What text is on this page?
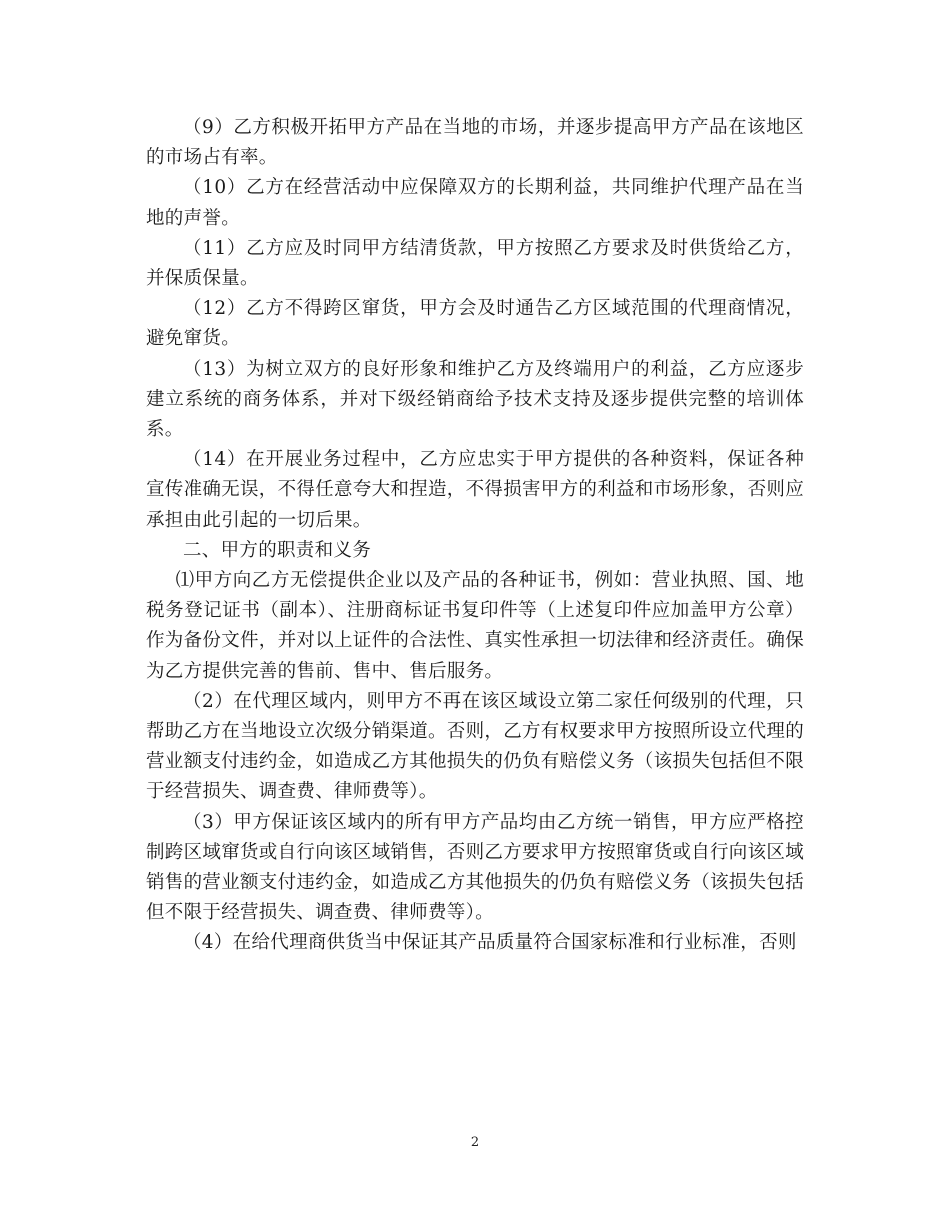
（9）乙方积极开拓甲方产品在当地的市场，并逐步提高甲方产品在该地区的市场占有率。

（10）乙方在经营活动中应保障双方的长期利益，共同维护代理产品在当地的声誉。

（11）乙方应及时同甲方结清货款，甲方按照乙方要求及时供货给乙方，并保质保量。

（12）乙方不得跨区窜货，甲方会及时通告乙方区域范围的代理商情况，避免窜货。

（13）为树立双方的良好形象和维护乙方及终端用户的利益，乙方应逐步建立系统的商务体系，并对下级经销商给予技术支持及逐步提供完整的培训体系。

（14）在开展业务过程中，乙方应忠实于甲方提供的各种资料，保证各种宣传准确无误，不得任意夸大和捏造，不得损害甲方的利益和市场形象，否则应承担由此引起的一切后果。

二、甲方的职责和义务

⑴甲方向乙方无偿提供企业以及产品的各种证书，例如：营业执照、国、地税务登记证书（副本）、注册商标证书复印件等（上述复印件应加盖甲方公章）作为备份文件，并对以上证件的合法性、真实性承担一切法律和经济责任。确保为乙方提供完善的售前、售中、售后服务。

（2）在代理区域内，则甲方不再在该区域设立第二家任何级别的代理，只帮助乙方在当地设立次级分销渠道。否则，乙方有权要求甲方按照所设立代理的营业额支付违约金，如造成乙方其他损失的仍负有赔偿义务（该损失包括但不限于经营损失、调查费、律师费等）。

（3）甲方保证该区域内的所有甲方产品均由乙方统一销售，甲方应严格控制跨区域窜货或自行向该区域销售，否则乙方要求甲方按照窜货或自行向该区域销售的营业额支付违约金，如造成乙方其他损失的仍负有赔偿义务（该损失包括但不限于经营损失、调查费、律师费等）。

（4）在给代理商供货当中保证其产品质量符合国家标准和行业标准，否则

2
